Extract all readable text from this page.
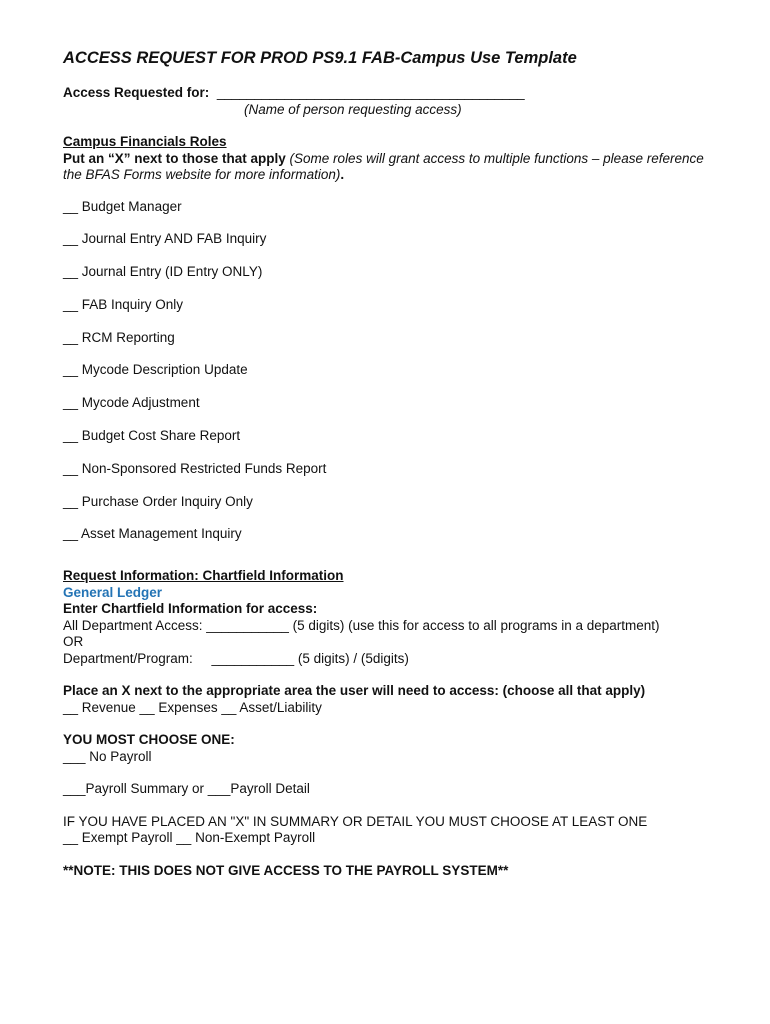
ACCESS REQUEST FOR PROD PS9.1 FAB-Campus Use Template
Access Requested for: _________________________________________
(Name of person requesting access)
Campus Financials Roles
Put an “X” next to those that apply (Some roles will grant access to multiple functions – please reference the BFAS Forms website for more information).
__ Budget Manager
__ Journal Entry AND FAB Inquiry
__ Journal Entry (ID Entry ONLY)
__ FAB Inquiry Only
__ RCM Reporting
__ Mycode Description Update
__ Mycode Adjustment
__ Budget Cost Share Report
__ Non-Sponsored Restricted Funds Report
__ Purchase Order Inquiry Only
__ Asset Management Inquiry
Request Information: Chartfield Information
General Ledger
Enter Chartfield Information for access:
All Department Access: ___________ (5 digits) (use this for access to all programs in a department)
OR
Department/Program:     ___________ (5 digits) / (5digits)
Place an X next to the appropriate area the user will need to access: (choose all that apply)
__ Revenue __ Expenses __ Asset/Liability
YOU MOST CHOOSE ONE:
___ No Payroll
___Payroll Summary or ___Payroll Detail
IF YOU HAVE PLACED AN "X" IN SUMMARY OR DETAIL YOU MUST CHOOSE AT LEAST ONE
__ Exempt Payroll __ Non-Exempt Payroll
**NOTE: THIS DOES NOT GIVE ACCESS TO THE PAYROLL SYSTEM**
